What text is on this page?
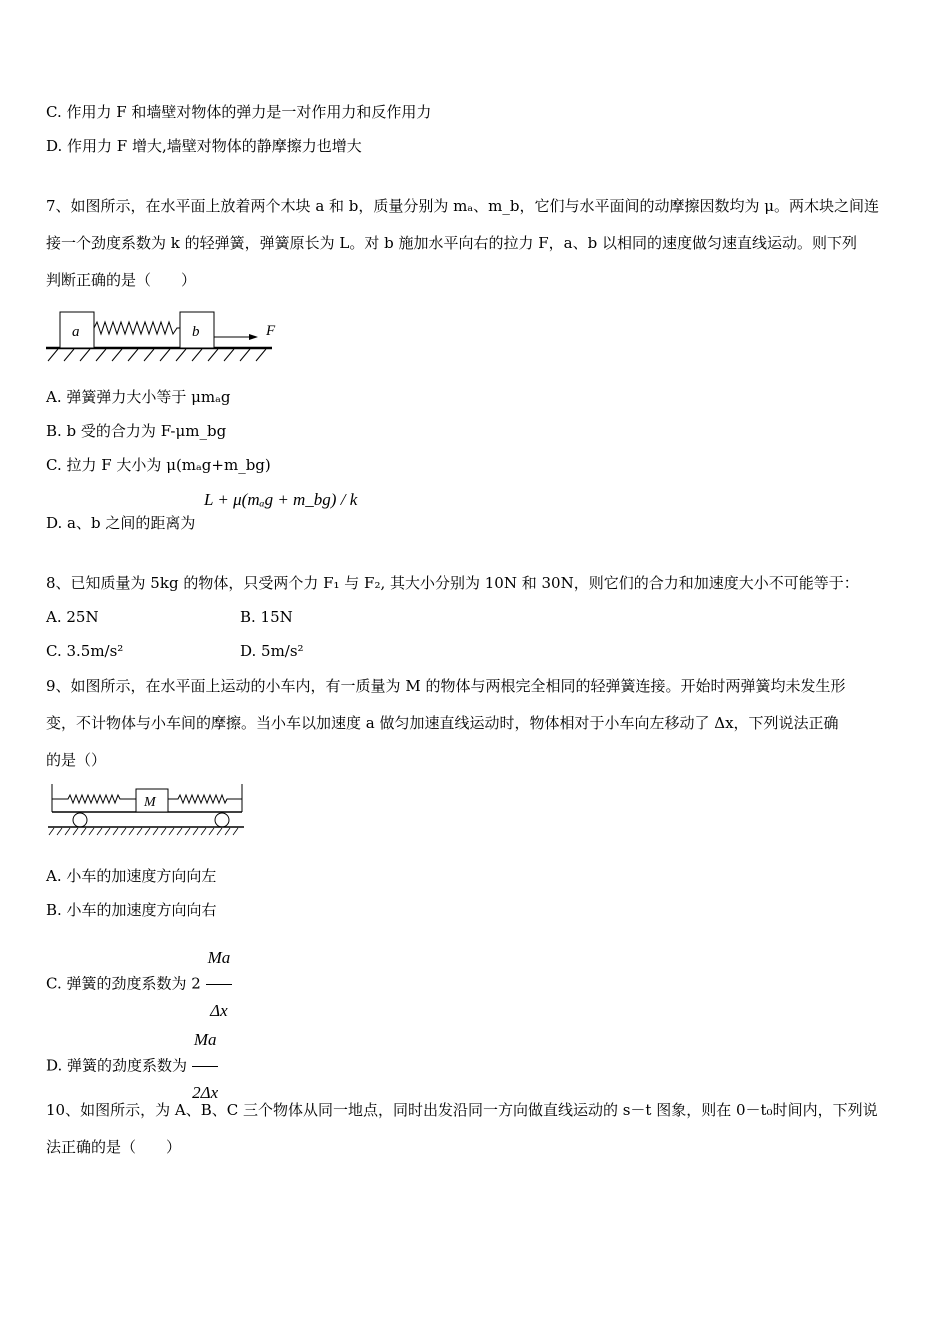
C. 作用力 F 和墙壁对物体的弹力是一对作用力和反作用力
D. 作用力 F 增大,墙壁对物体的静摩擦力也增大
7、如图所示，在水平面上放着两个木块 a 和 b，质量分别为 mₐ、m_b，它们与水平面间的动摩擦因数均为 μ。两木块之间连
接一个劲度系数为 k 的轻弹簧，弹簧原长为 L。对 b 施加水平向右的拉力 F，a、b 以相同的速度做匀速直线运动。则下列
判断正确的是（　　）
a	b	F
A. 弹簧弹力大小等于 μmₐg
B. b 受的合力为 F-μm_bg
C. 拉力 F 大小为 μ(mₐg+m_bg)
D. a、b 之间的距离为
L + μ(mₐg + m_bg) / k
8、已知质量为 5kg 的物体，只受两个力 F₁ 与 F₂, 其大小分别为 10N 和 30N，则它们的合力和加速度大小不可能等于：
A. 25N	B. 15N
C. 3.5m/s²	D. 5m/s²
9、如图所示，在水平面上运动的小车内，有一质量为 M 的物体与两根完全相同的轻弹簧连接。开始时两弹簧均未发生形
变，不计物体与小车间的摩擦。当小车以加速度 a 做匀加速直线运动时，物体相对于小车向左移动了 Δx，下列说法正确
的是（）
M
A. 小车的加速度方向向左
B. 小车的加速度方向向右
C. 弹簧的劲度系数为 $2 \frac{Ma}{\Delta x}$
D. 弹簧的劲度系数为 $\frac{Ma}{2\Delta x}$
10、如图所示，为 A、B、C 三个物体从同一地点，同时出发沿同一方向做直线运动的 s－t 图象，则在 0－t₀时间内，下列说
法正确的是（　　）
